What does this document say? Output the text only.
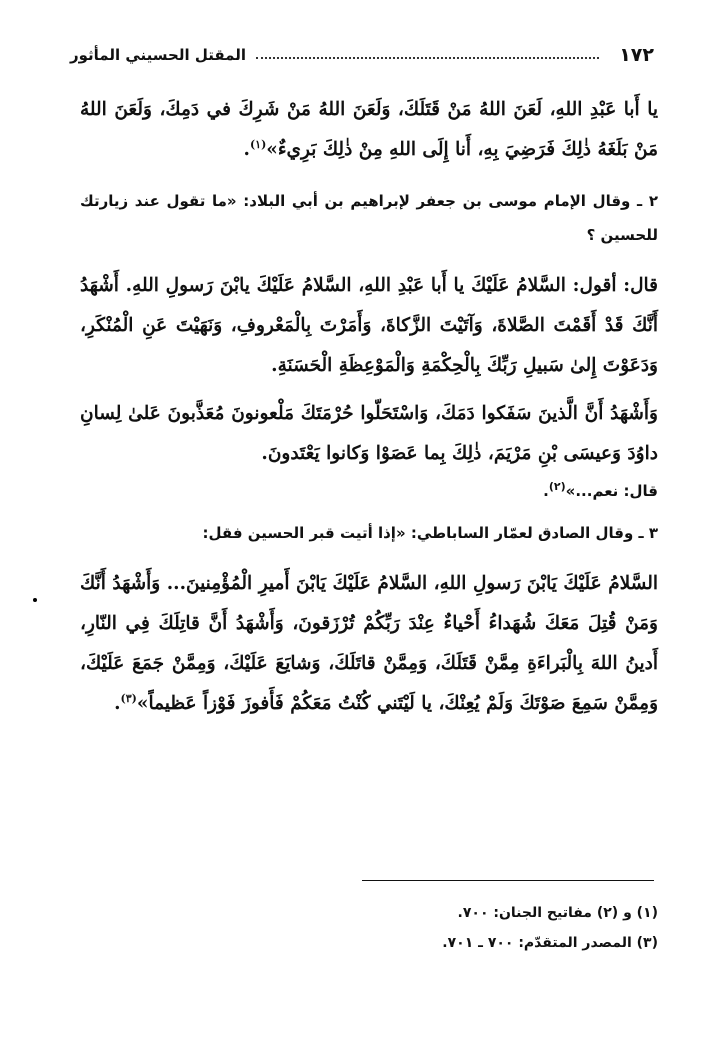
١٧٢
المقتل الحسيني المأثور

يا أَبا عَبْدِ اللهِ، لَعَنَ اللهُ مَنْ قَتَلَكَ، وَلَعَنَ اللهُ مَنْ شَرِكَ في دَمِكَ، وَلَعَنَ اللهُ مَنْ بَلَغَهُ ذٰلِكَ فَرَضِيَ بِهِ، أَنا إِلَى اللهِ مِنْ ذٰلِكَ بَرِيءٌ»$^{(١)}$.

٢ ـ وقال الإمام موسى بن جعفر لإبراهيم بن أبي البلاد: «ما تقول عند زيارتك للحسين ؟

قال: أقول: السَّلامُ عَلَيْكَ يا أَبا عَبْدِ اللهِ، السَّلامُ عَلَيْكَ يابْنَ رَسولِ اللهِ. أَشْهَدُ أَنَّكَ قَدْ أَقَمْتَ الصَّلاةَ، وَآتَيْتَ الزَّكاةَ، وَأَمَرْتَ بِالْمَعْروفِ، وَنَهَيْتَ عَنِ الْمُنْكَرِ، وَدَعَوْتَ إِلىٰ سَبيلِ رَبِّكَ بِالْحِكْمَةِ وَالْمَوْعِظَةِ الْحَسَنَةِ.

وَأَشْهَدُ أَنَّ الَّذينَ سَفَكوا دَمَكَ، وَاسْتَحَلّوا حُرْمَتَكَ مَلْعونونَ مُعَذَّبونَ عَلىٰ لِسانِ داوُدَ وَعيسَى بْنِ مَرْيَمَ، ذٰلِكَ بِما عَصَوْا وَكانوا يَعْتَدونَ.

قال: نعم...»$^{(٢)}$.

٣ ـ وقال الصادق لعمّار الساباطي: «إذا أتيت قبر الحسين فقل:

السَّلامُ عَلَيْكَ يَابْنَ رَسولِ اللهِ، السَّلامُ عَلَيْكَ يَابْنَ أَميرِ الْمُؤْمِنينَ... وَأَشْهَدُ أَنَّكَ وَمَنْ قُتِلَ مَعَكَ شُهَداءُ أَحْياءٌ عِنْدَ رَبِّكُمْ تُرْزَقونَ، وَأَشْهَدُ أَنَّ قاتِلَكَ فِي النّارِ، أَدينُ اللهَ بِالْبَراءَةِ مِمَّنْ قَتَلَكَ، وَمِمَّنْ قاتَلَكَ، وَشايَعَ عَلَيْكَ، وَمِمَّنْ جَمَعَ عَلَيْكَ، وَمِمَّنْ سَمِعَ صَوْتَكَ وَلَمْ يُعِنْكَ، يا لَيْتَني كُنْتُ مَعَكُمْ فَأَفوزَ فَوْزاً عَظيماً»$^{(٣)}$.

(١) و (٢) مفاتيح الجنان: ٧٠٠.
(٣) المصدر المتقدّم: ٧٠٠ ـ ٧٠١.
